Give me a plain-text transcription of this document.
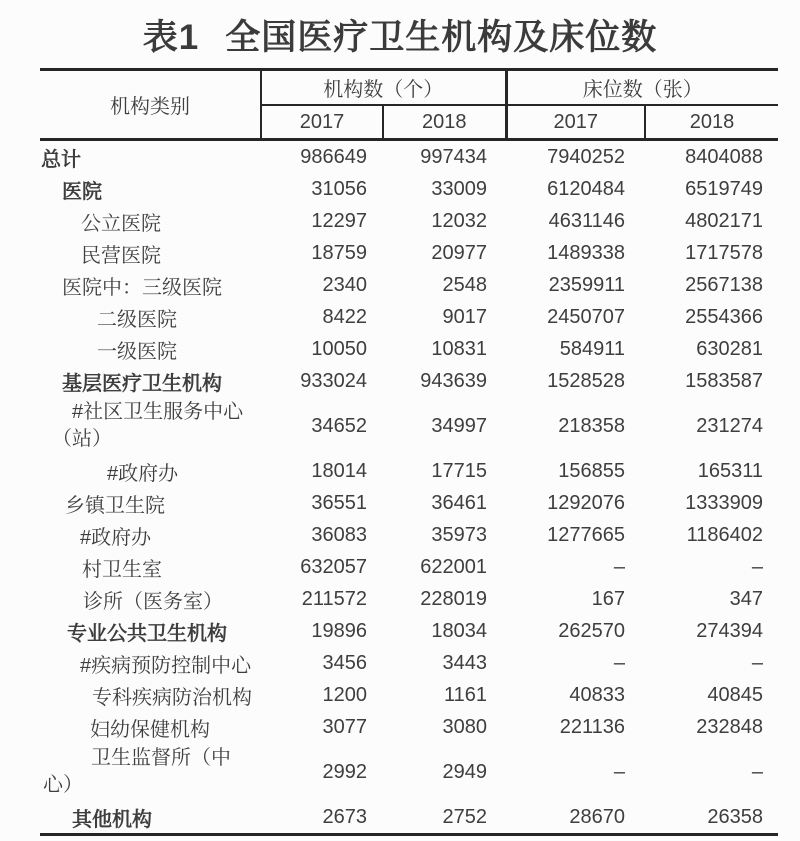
表1 全国医疗卫生机构及床位数
机构类别	机构数（个）		床位数（张）	
	2017	2018	2017	2018
总计	986649	997434	7940252	8404088
医院	31056	33009	6120484	6519749
公立医院	12297	12032	4631146	4802171
民营医院	18759	20977	1489338	1717578
医院中：三级医院	2340	2548	2359911	2567138
二级医院	8422	9017	2450707	2554366
一级医院	10050	10831	584911	630281
基层医疗卫生机构	933024	943639	1528528	1583587

#社区卫生服务中心
（站）	34652	34997	218358	231274
#政府办	18014	17715	156855	165311
乡镇卫生院	36551	36461	1292076	1333909
#政府办	36083	35973	1277665	1186402
村卫生室	632057	622001	–	–
诊所（医务室）	211572	228019	167	347
专业公共卫生机构	19896	18034	262570	274394
#疾病预防控制中心	3456	3443	–	–
专科疾病防治机构	1200	1161	40833	40845
妇幼保健机构	3077	3080	221136	232848

卫生监督所（中
心）	2992	2949	–	–
其他机构	2673	2752	28670	26358
